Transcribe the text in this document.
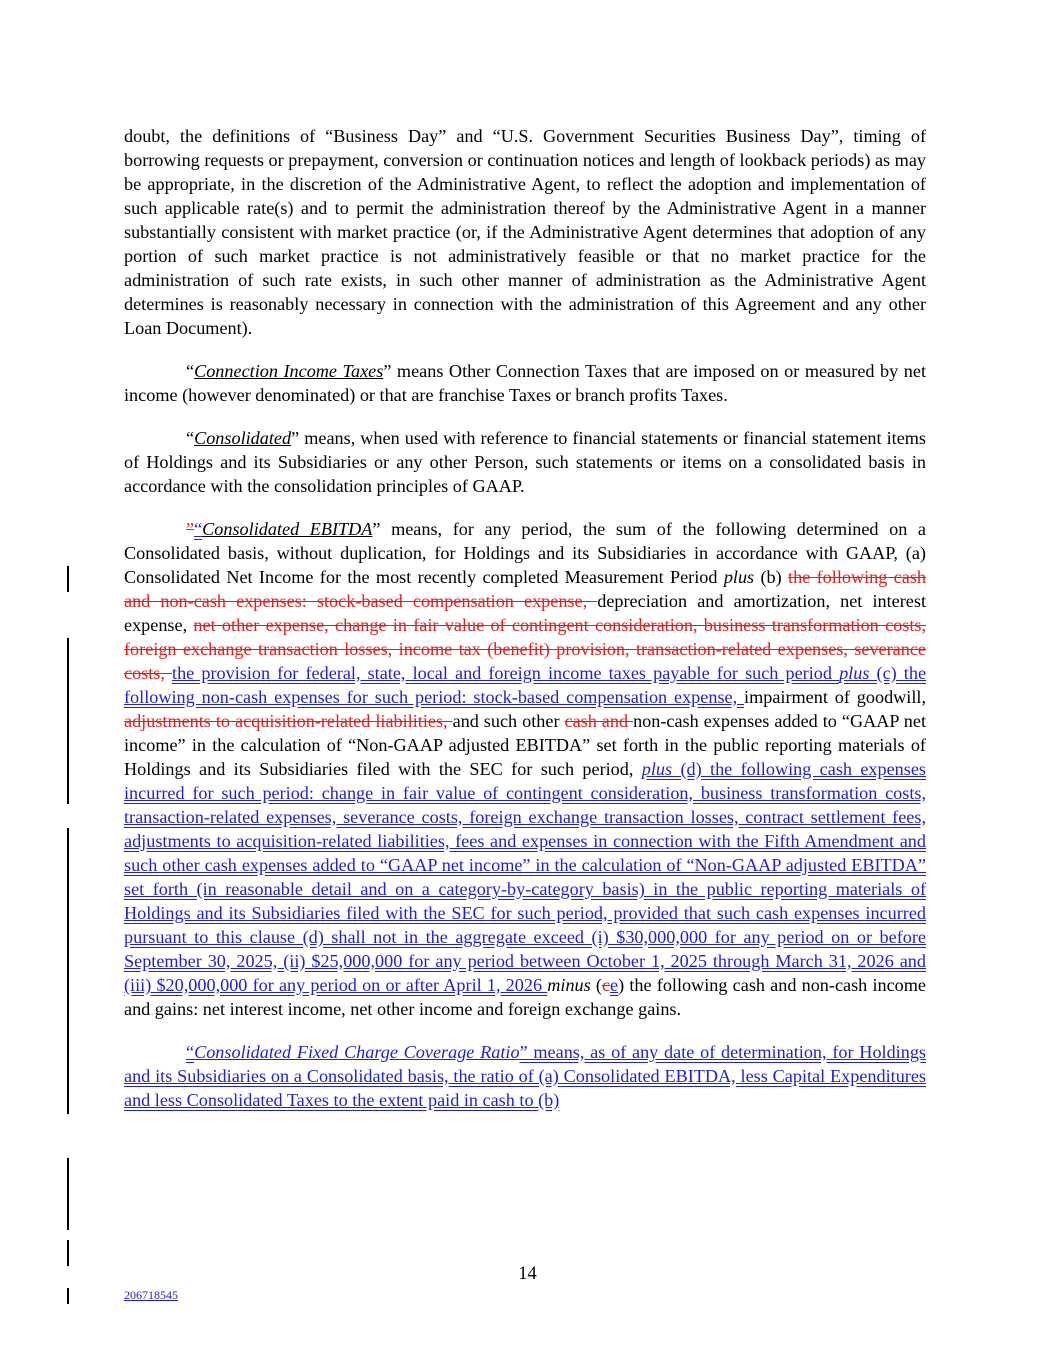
doubt, the definitions of “Business Day” and “U.S. Government Securities Business Day”, timing of borrowing requests or prepayment, conversion or continuation notices and length of lookback periods) as may be appropriate, in the discretion of the Administrative Agent, to reflect the adoption and implementation of such applicable rate(s) and to permit the administration thereof by the Administrative Agent in a manner substantially consistent with market practice (or, if the Administrative Agent determines that adoption of any portion of such market practice is not administratively feasible or that no market practice for the administration of such rate exists, in such other manner of administration as the Administrative Agent determines is reasonably necessary in connection with the administration of this Agreement and any other Loan Document).

“Connection Income Taxes” means Other Connection Taxes that are imposed on or measured by net income (however denominated) or that are franchise Taxes or branch profits Taxes.

“Consolidated” means, when used with reference to financial statements or financial statement items of Holdings and its Subsidiaries or any other Person, such statements or items on a consolidated basis in accordance with the consolidation principles of GAAP.

”“Consolidated EBITDA” means, for any period, the sum of the following determined on a Consolidated basis, without duplication, for Holdings and its Subsidiaries in accordance with GAAP, (a) Consolidated Net Income for the most recently completed Measurement Period plus (b) the following cash and non-cash expenses: stock-based compensation expense, depreciation and amortization, net interest expense, net other expense, change in fair value of contingent consideration, business transformation costs, foreign exchange transaction losses, income tax (benefit) provision, transaction-related expenses, severance costs, the provision for federal, state, local and foreign income taxes payable for such period plus (c) the following non-cash expenses for such period: stock-based compensation expense, impairment of goodwill, adjustments to acquisition-related liabilities, and such other cash and non-cash expenses added to “GAAP net income” in the calculation of “Non-GAAP adjusted EBITDA” set forth in the public reporting materials of Holdings and its Subsidiaries filed with the SEC for such period, plus (d) the following cash expenses incurred for such period: change in fair value of contingent consideration, business transformation costs, transaction-related expenses, severance costs, foreign exchange transaction losses, contract settlement fees, adjustments to acquisition-related liabilities, fees and expenses in connection with the Fifth Amendment and such other cash expenses added to “GAAP net income” in the calculation of “Non-GAAP adjusted EBITDA” set forth (in reasonable detail and on a category-by-category basis) in the public reporting materials of Holdings and its Subsidiaries filed with the SEC for such period, provided that such cash expenses incurred pursuant to this clause (d) shall not in the aggregate exceed (i) $30,000,000 for any period on or before September 30, 2025, (ii) $25,000,000 for any period between October 1, 2025 through March 31, 2026 and (iii) $20,000,000 for any period on or after April 1, 2026 minus (ce) the following cash and non-cash income and gains: net interest income, net other income and foreign exchange gains.

“Consolidated Fixed Charge Coverage Ratio” means, as of any date of determination, for Holdings and its Subsidiaries on a Consolidated basis, the ratio of (a) Consolidated EBITDA, less Capital Expenditures and less Consolidated Taxes to the extent paid in cash to (b)

14
206718545
